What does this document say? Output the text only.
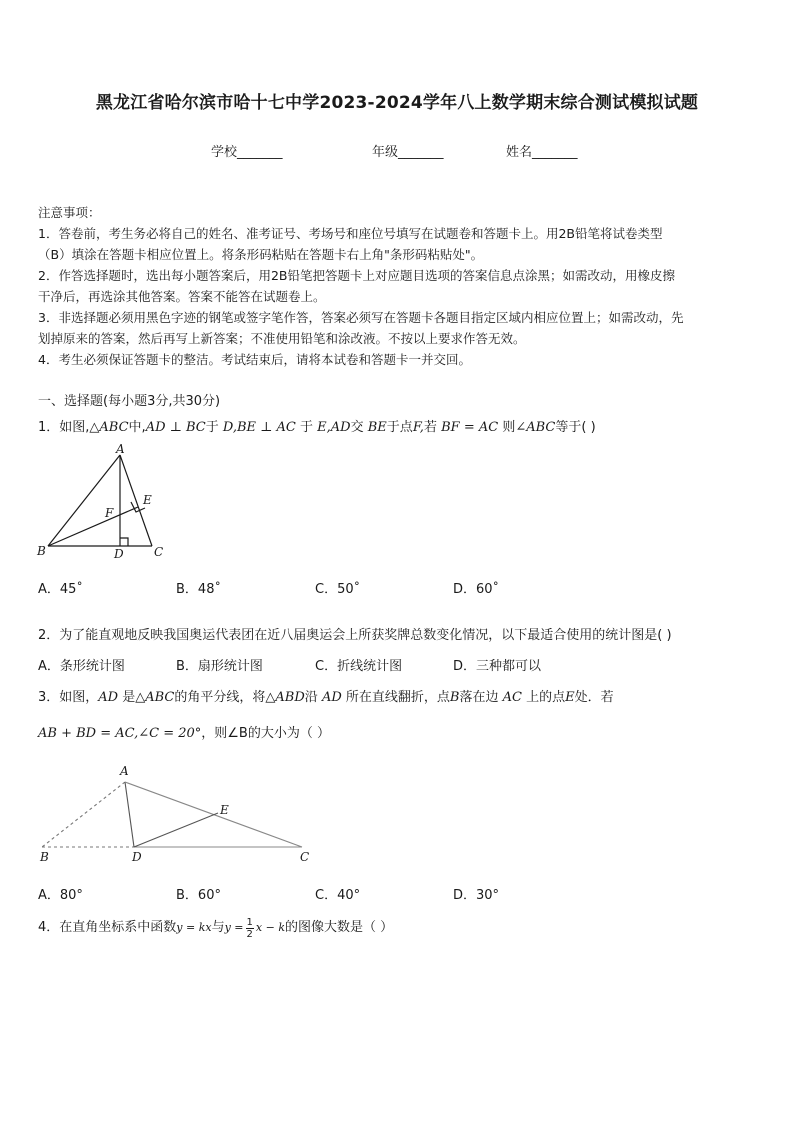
黑龙江省哈尔滨市哈十七中学2023-2024学年八上数学期末综合测试模拟试题
学校_______	年级_______	姓名_______
注意事项：
1．答卷前，考生务必将自己的姓名、准考证号、考场号和座位号填写在试题卷和答题卡上。用2B铅笔将试卷类型
（B）填涂在答题卡相应位置上。将条形码粘贴在答题卡右上角"条形码粘贴处"。
2．作答选择题时，选出每小题答案后，用2B铅笔把答题卡上对应题目选项的答案信息点涂黑；如需改动，用橡皮擦
干净后，再选涂其他答案。答案不能答在试题卷上。
3．非选择题必须用黑色字迹的钢笔或签字笔作答，答案必须写在答题卡各题目指定区域内相应位置上；如需改动，先
划掉原来的答案，然后再写上新答案；不准使用铅笔和涂改液。不按以上要求作答无效。
4．考生必须保证答题卡的整洁。考试结束后，请将本试卷和答题卡一并交回。
一、选择题(每小题3分,共30分)
1．如图,△ABC中,AD ⊥ BC于 D,BE ⊥ AC 于 E,AD交 BE于点F,若 BF = AC 则∠ABC等于( )
A
E
F
B	D	C
A．45˚	B．48˚	C．50˚	D．60˚
2．为了能直观地反映我国奥运代表团在近八届奥运会上所获奖牌总数变化情况，以下最适合使用的统计图是( )
A．条形统计图	B．扇形统计图	C．折线统计图	D．三种都可以
3．如图，AD 是△ABC的角平分线，将△ABD沿 AD 所在直线翻折，点B落在边 AC 上的点E处．若
AB + BD = AC,∠C = 20°，则∠B的大小为（ ）
A
E
B	D	C
A．80°	B．60°	C．40°	D．30°
4．在直角坐标系中函数 y = kx 与 $y = \frac{1}{2}$ x − k 的图像大数是（ ）
